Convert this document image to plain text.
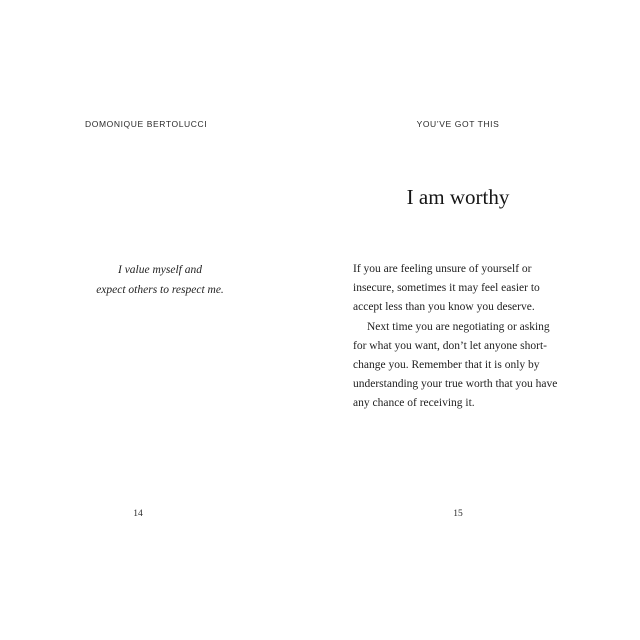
DOMONIQUE BERTOLUCCI
I value myself and
expect others to respect me.
14
YOU’VE GOT THIS
I am worthy
If you are feeling unsure of yourself or
insecure, sometimes it may feel easier to
accept less than you know you deserve.
Next time you are negotiating or asking
for what you want, don’t let anyone short-
change you. Remember that it is only by
understanding your true worth that you have
any chance of receiving it.
15
